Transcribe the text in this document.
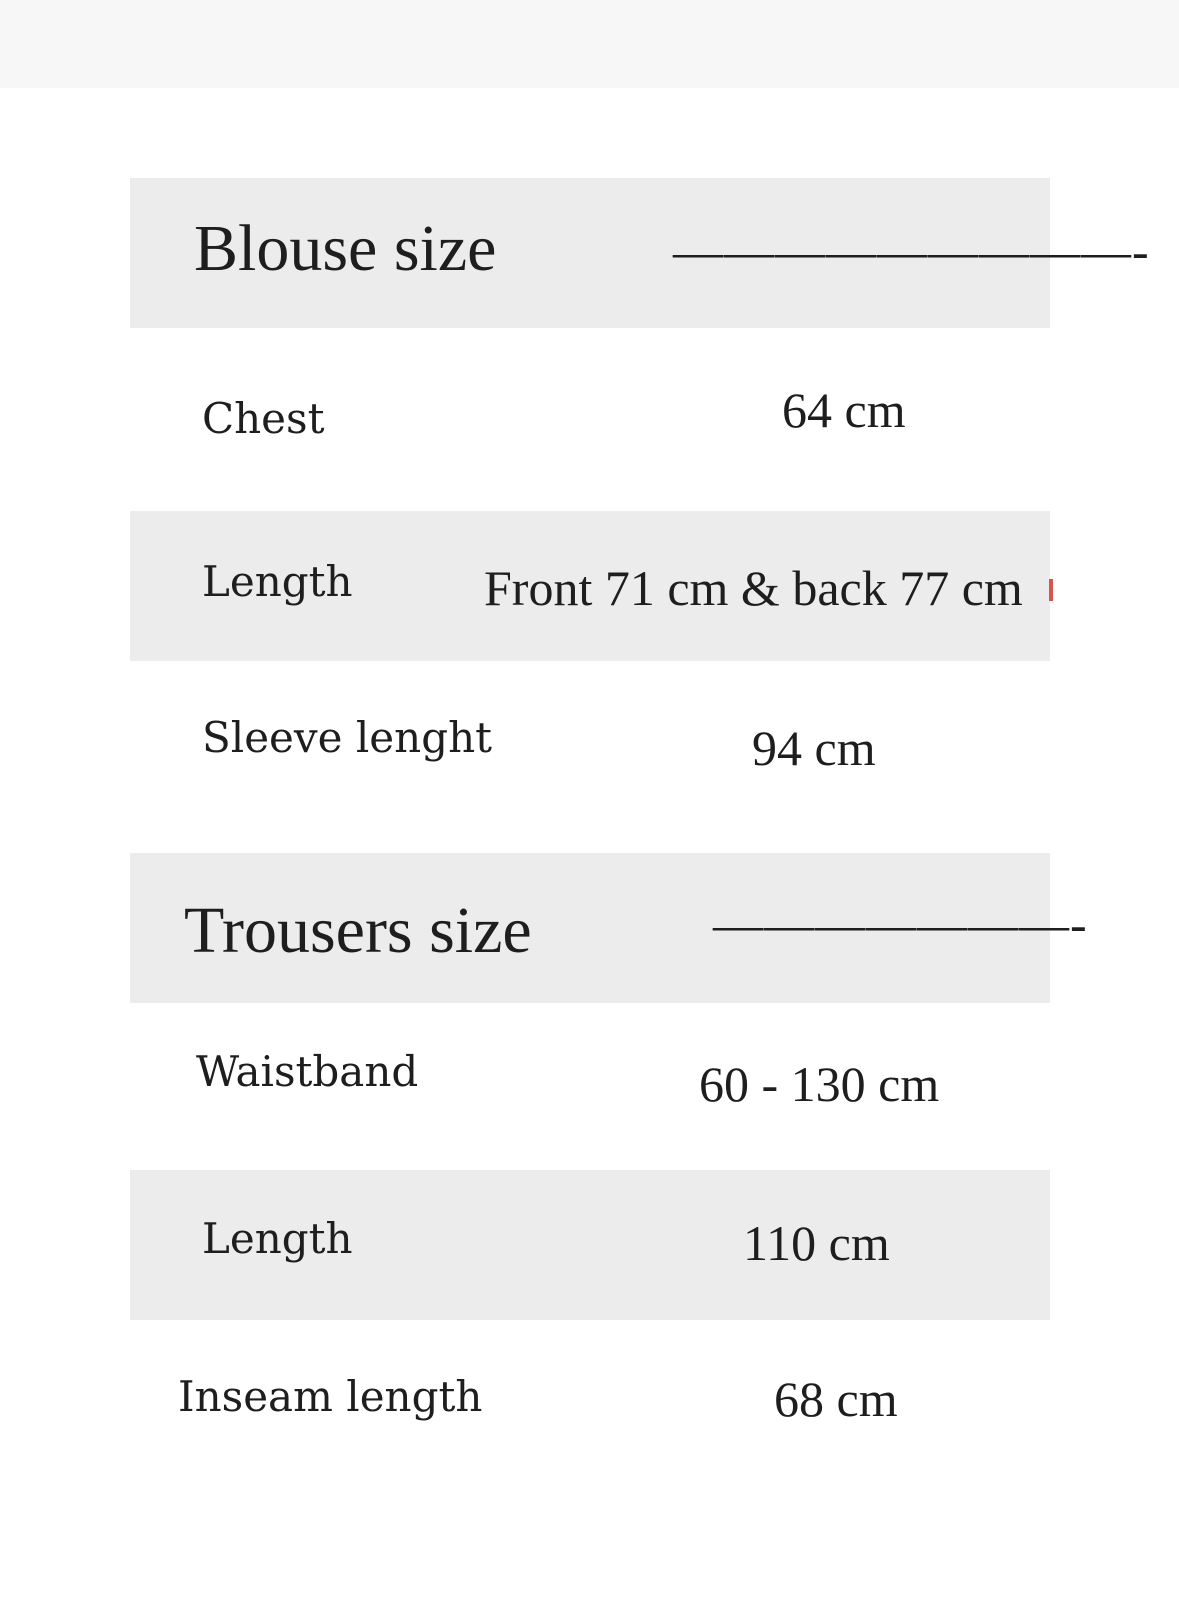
Blouse size	—————————-
Chest	64 cm
Length	Front 71 cm & back 77 cm
Sleeve lenght	94 cm
Trousers size	———————-
Waistband	60 - 130 cm
Length	110 cm
Inseam length	68 cm
